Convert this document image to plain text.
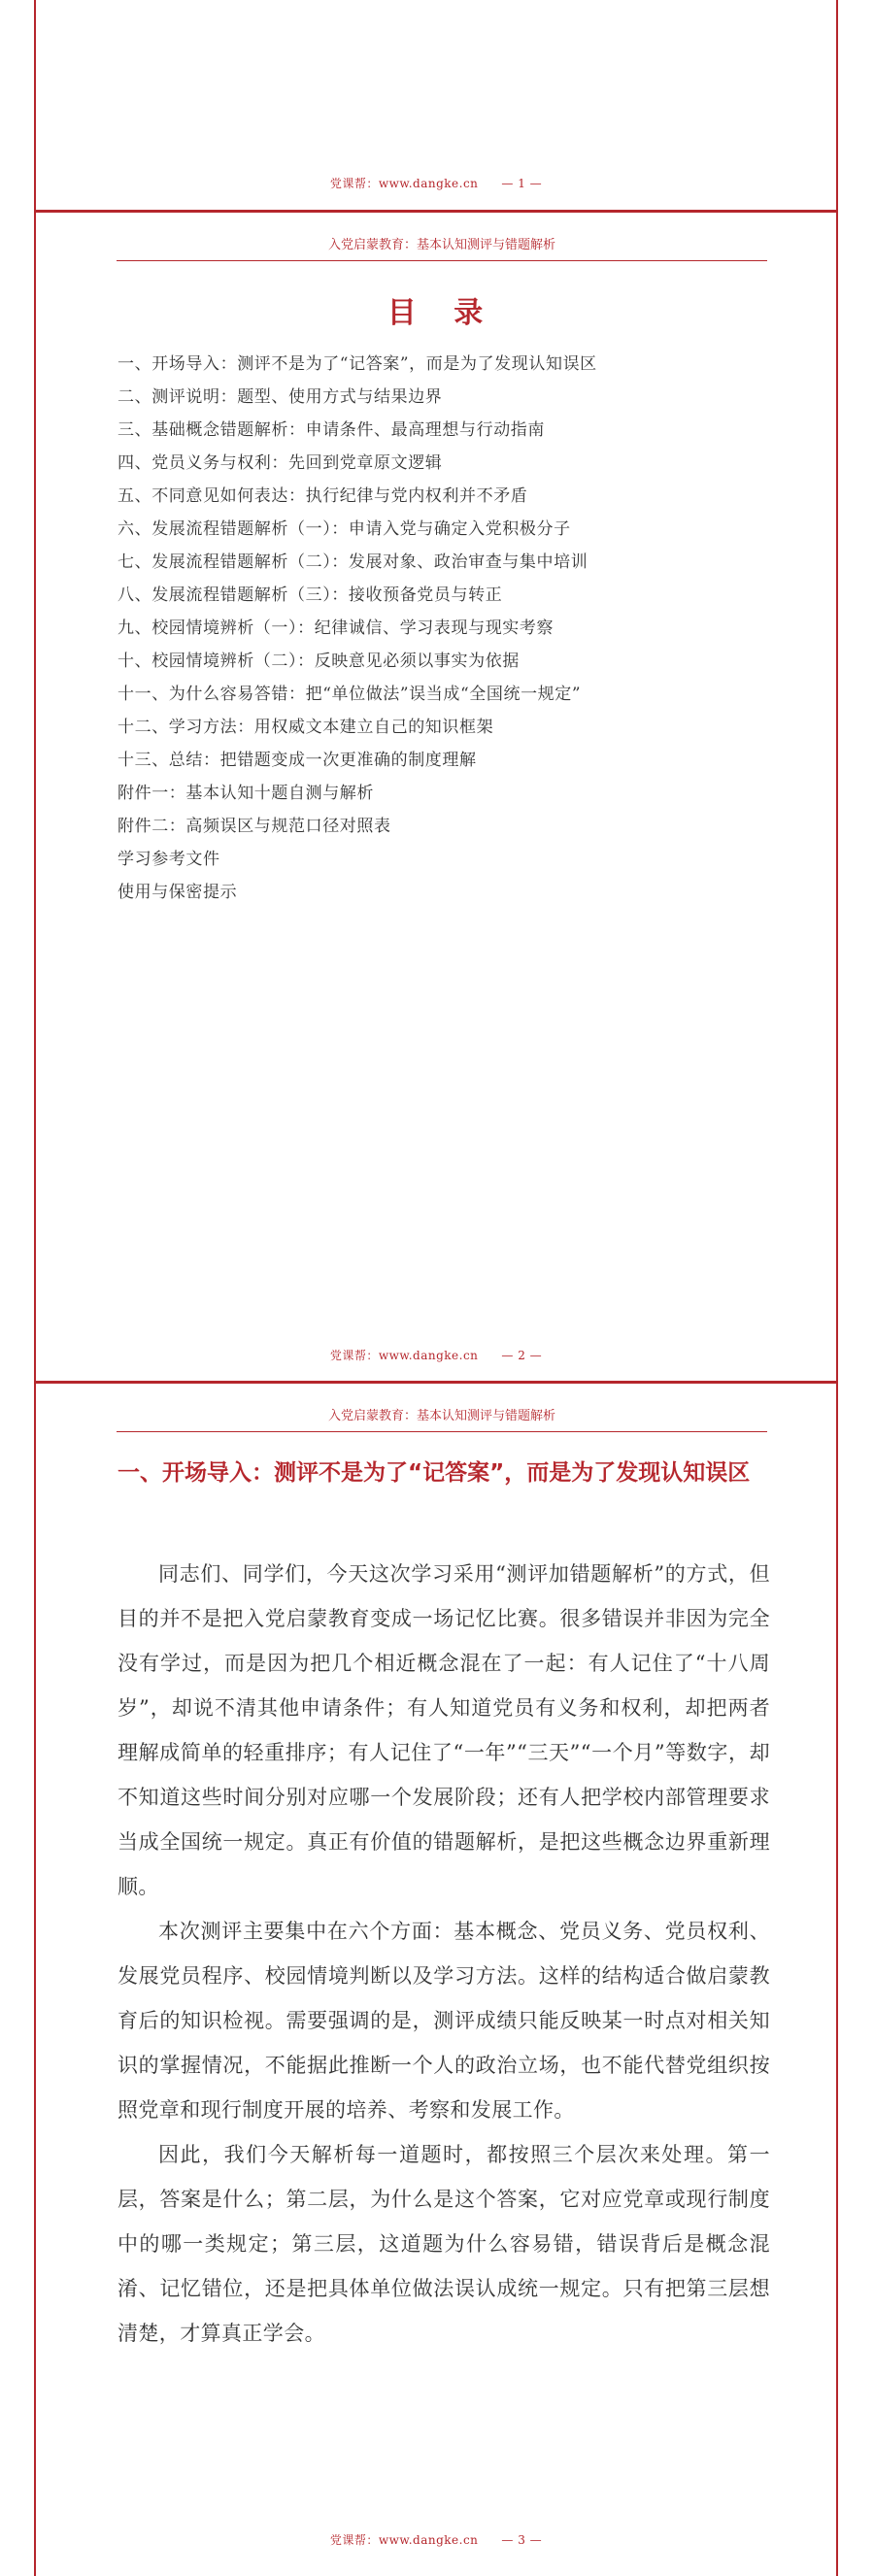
党课帮：www.dangke.cn — 1 —
入党启蒙教育：基本认知测评与错题解析
目 录
一、开场导入：测评不是为了“记答案”，而是为了发现认知误区
二、测评说明：题型、使用方式与结果边界
三、基础概念错题解析：申请条件、最高理想与行动指南
四、党员义务与权利：先回到党章原文逻辑
五、不同意见如何表达：执行纪律与党内权利并不矛盾
六、发展流程错题解析（一）：申请入党与确定入党积极分子
七、发展流程错题解析（二）：发展对象、政治审查与集中培训
八、发展流程错题解析（三）：接收预备党员与转正
九、校园情境辨析（一）：纪律诚信、学习表现与现实考察
十、校园情境辨析（二）：反映意见必须以事实为依据
十一、为什么容易答错：把“单位做法”误当成“全国统一规定”
十二、学习方法：用权威文本建立自己的知识框架
十三、总结：把错题变成一次更准确的制度理解
附件一：基本认知十题自测与解析
附件二：高频误区与规范口径对照表
学习参考文件
使用与保密提示
党课帮：www.dangke.cn — 2 —
入党启蒙教育：基本认知测评与错题解析
一、开场导入：测评不是为了“记答案”，而是为了发现认知误区

同志们、同学们，今天这次学习采用“测评加错题解析”的方式，但目的并不是把入党启蒙教育变成一场记忆比赛。很多错误并非因为完全没有学过，而是因为把几个相近概念混在了一起：有人记住了“十八周岁”，却说不清其他申请条件；有人知道党员有义务和权利，却把两者理解成简单的轻重排序；有人记住了“一年”“三天”“一个月”等数字，却不知道这些时间分别对应哪一个发展阶段；还有人把学校内部管理要求当成全国统一规定。真正有价值的错题解析，是把这些概念边界重新理顺。

本次测评主要集中在六个方面：基本概念、党员义务、党员权利、发展党员程序、校园情境判断以及学习方法。这样的结构适合做启蒙教育后的知识检视。需要强调的是，测评成绩只能反映某一时点对相关知识的掌握情况，不能据此推断一个人的政治立场，也不能代替党组织按照党章和现行制度开展的培养、考察和发展工作。

因此，我们今天解析每一道题时，都按照三个层次来处理。第一层，答案是什么；第二层，为什么是这个答案，它对应党章或现行制度中的哪一类规定；第三层，这道题为什么容易错，错误背后是概念混淆、记忆错位，还是把具体单位做法误认成统一规定。只有把第三层想清楚，才算真正学会。

党课帮：www.dangke.cn — 3 —
